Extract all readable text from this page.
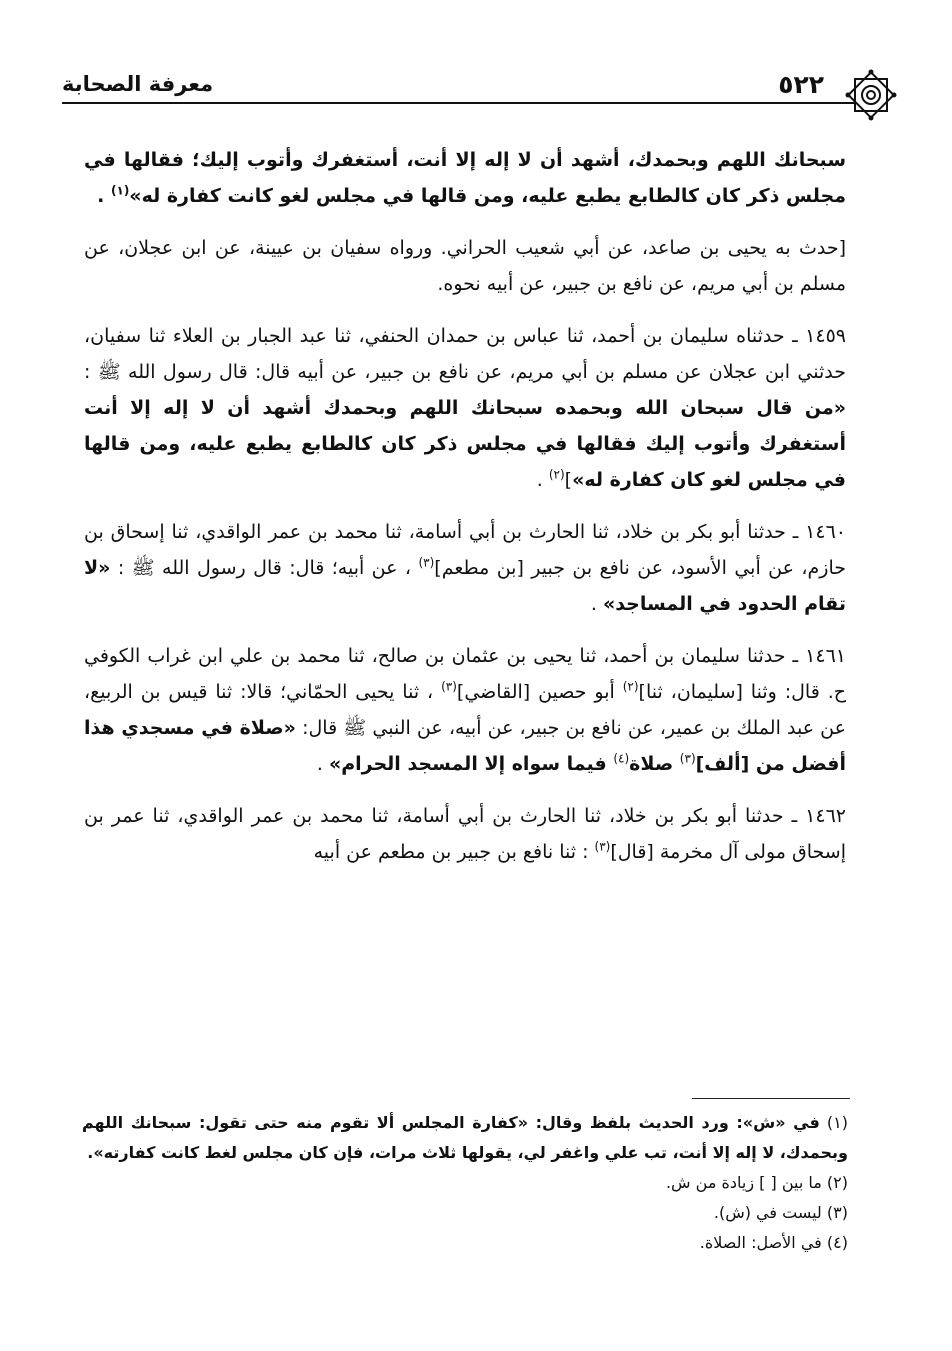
٥٢٢
معرفة الصحابة

سبحانك اللهم وبحمدك، أشهد أن لا إله إلا أنت، أستغفرك وأتوب إليك؛ فقالها في مجلس ذكر كان كالطابع يطبع عليه، ومن قالها في مجلس لغو كانت كفارة له»$^{(١)}$ .

[حدث به يحيى بن صاعد، عن أبي شعيب الحراني. ورواه سفيان بن عيينة، عن ابن عجلان، عن مسلم بن أبي مريم، عن نافع بن جبير، عن أبيه نحوه.

١٤٥٩ ـ حدثناه سليمان بن أحمد، ثنا عباس بن حمدان الحنفي، ثنا عبد الجبار بن العلاء ثنا سفيان، حدثني ابن عجلان عن مسلم بن أبي مريم، عن نافع بن جبير، عن أبيه قال: قال رسول الله ﷺ : «من قال سبحان الله وبحمده سبحانك اللهم وبحمدك أشهد أن لا إله إلا أنت أستغفرك وأتوب إليك فقالها في مجلس ذكر كان كالطابع يطبع عليه، ومن قالها في مجلس لغو كان كفارة له»]$^{(٢)}$ .

١٤٦٠ ـ حدثنا أبو بكر بن خلاد، ثنا الحارث بن أبي أسامة، ثنا محمد بن عمر الواقدي، ثنا إسحاق بن حازم، عن أبي الأسود، عن نافع بن جبير [بن مطعم]$^{(٣)}$ ، عن أبيه؛ قال: قال رسول الله ﷺ : «لا تقام الحدود في المساجد» .

١٤٦١ ـ حدثنا سليمان بن أحمد، ثنا يحيى بن عثمان بن صالح، ثنا محمد بن علي ابن غراب الكوفي ح. قال: وثنا [سليمان، ثنا]$^{(٢)}$ أبو حصين [القاضي]$^{(٣)}$ ، ثنا يحيى الحمّاني؛ قالا: ثنا قيس بن الربيع، عن عبد الملك بن عمير، عن نافع بن جبير، عن أبيه، عن النبي ﷺ قال: «صلاة في مسجدي هذا أفضل من [ألف]$^{(٣)}$ صلاة$^{(٤)}$ فيما سواه إلا المسجد الحرام» .

١٤٦٢ ـ حدثنا أبو بكر بن خلاد، ثنا الحارث بن أبي أسامة، ثنا محمد بن عمر الواقدي، ثنا عمر بن إسحاق مولى آل مخرمة [قال]$^{(٣)}$ : ثنا نافع بن جبير بن مطعم عن أبيه

(١) في «ش»: ورد الحديث بلفظ وقال: «كفارة المجلس ألا تقوم منه حتى تقول: سبحانك اللهم وبحمدك، لا إله إلا أنت، تب علي واغفر لي، يقولها ثلاث مرات، فإن كان مجلس لغط كانت كفارته».

(٢) ما بين [ ] زيادة من ش.

(٣) ليست في (ش).

(٤) في الأصل: الصلاة.
